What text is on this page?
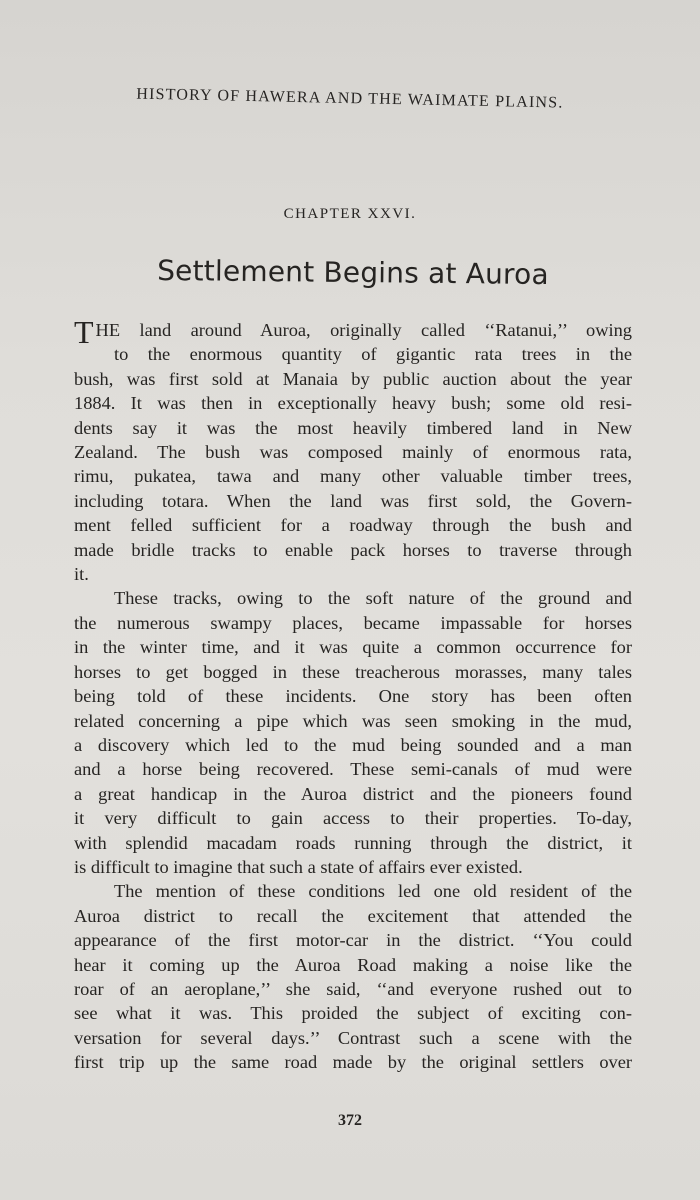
HISTORY OF HAWERA AND THE WAIMATE PLAINS.
CHAPTER XXVI.
Settlement Begins at Auroa
T HE land around Auroa, originally called ‘‘Ratanui,’’ owing
to the enormous quantity of gigantic rata trees in the
bush, was first sold at Manaia by public auction about the year
1884. It was then in exceptionally heavy bush; some old resi-
dents say it was the most heavily timbered land in New
Zealand. The bush was composed mainly of enormous rata,
rimu, pukatea, tawa and many other valuable timber trees,
including totara. When the land was first sold, the Govern-
ment felled sufficient for a roadway through the bush and
made bridle tracks to enable pack horses to traverse through
it.
These tracks, owing to the soft nature of the ground and
the numerous swampy places, became impassable for horses
in the winter time, and it was quite a common occurrence for
horses to get bogged in these treacherous morasses, many tales
being told of these incidents. One story has been often
related concerning a pipe which was seen smoking in the mud,
a discovery which led to the mud being sounded and a man
and a horse being recovered. These semi-canals of mud were
a great handicap in the Auroa district and the pioneers found
it very difficult to gain access to their properties. To-day,
with splendid macadam roads running through the district, it
is difficult to imagine that such a state of affairs ever existed.
The mention of these conditions led one old resident of the
Auroa district to recall the excitement that attended the
appearance of the first motor-car in the district. ‘‘You could
hear it coming up the Auroa Road making a noise like the
roar of an aeroplane,’’ she said, ‘‘and everyone rushed out to
see what it was. This proided the subject of exciting con-
versation for several days.’’ Contrast such a scene with the
first trip up the same road made by the original settlers over
372
